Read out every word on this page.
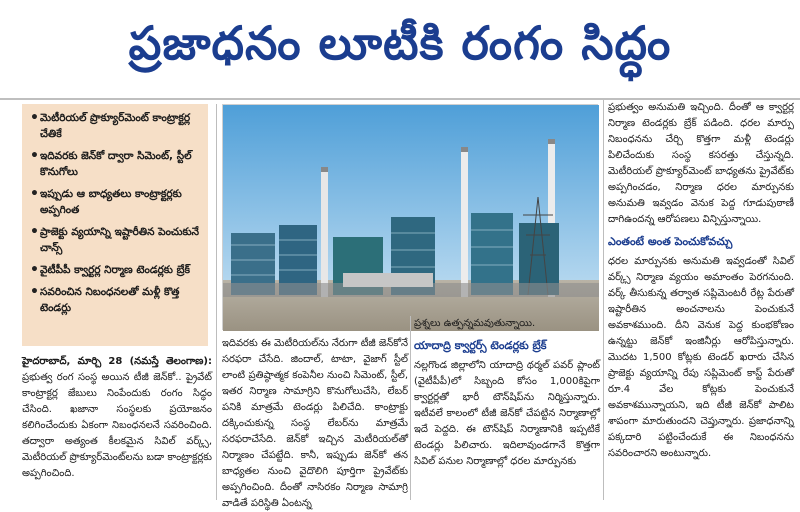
ప్రజాధనం లూటీకి రంగం సిద్ధం
• మెటీరియల్ ప్రొక్యూర్‌మెంట్ కాంట్రాక్టర్ల చేతికే
• ఇదివరకు జెన్‌కో ద్వారా సిమెంట్, స్టీల్ కొనుగోలు
• ఇప్పుడు ఆ బాధ్యతలు కాంట్రాక్టర్లకు అప్పగింత
• ప్రాజెక్టు వ్యయాన్ని ఇష్టారీతిన పెంచుకునే చాన్స్
• వైటీపీపీ క్వార్టర్ల నిర్మాణ టెండర్లకు బ్రేక్
• సవరించిన నిబంధనలతో మళ్లీ కొత్త టెండర్లు

హైదరాబాద్, మార్చి 28 (నమస్తే తెలంగాణ): ప్రభుత్వ రంగ సంస్థ అయిన టీజీ జెన్‌కో.. ప్రైవేట్ కాంట్రాక్టర్ల జేబులు నింపేందుకు రంగం సిద్ధం చేసింది. ఖజానా సంస్థలకు ప్రయోజనం కలిగించేందుకు ఏకంగా నిబంధనలనే సవరించింది. తద్వారా అత్యంత కీలకమైన సివిల్ వర్క్స్, మెటీరియల్ ప్రొక్యూర్‌మెంట్‌లను బడా కాంట్రాక్టర్లకు అప్పగించింది.

ఇదివరకు ఈ మెటీరియల్‌ను నేరుగా టీజీ జెన్‌కోనే సరఫరా చేసేది. జిందాల్, టాటా, వైజాగ్ స్టీల్ లాంటి ప్రతిష్ఠాత్మక కంపెనీల నుంచి సిమెంట్, స్టీల్, ఇతర నిర్మాణ సామాగ్రిని కొనుగోలుచేసి, లేబర్ పనికి మాత్రమే టెండర్లు పిలిచేది. కాంట్రాక్టు దక్కించుకున్న సంస్థ లేబర్‌ను మాత్రమే సరఫరాచేసేది. జెన్‌కో ఇచ్చిన మెటీరియల్‌తో నిర్మాణం చేపట్టేది. కానీ, ఇప్పుడు జెన్‌కో తన బాధ్యతల నుంచి వైదొలిగి పూర్తిగా ప్రైవేట్‌కు అప్పగించింది. దీంతో నాసిరకం నిర్మాణ సామాగ్రి వాడితే పరిస్థితి ఏంటన్న

ప్రశ్నలు ఉత్పన్నమవుతున్నాయి.

యాదాద్రి క్వార్టర్స్ టెండర్లకు బ్రేక్

నల్లగొండ జిల్లాలోని యాదాద్రి థర్మల్ పవర్ ప్లాంట్ (వైటీపీపీ)లో సిబ్బంది కోసం 1,000కిపైగా క్వార్టర్లతో భారీ టౌన్‌షిప్‌ను నిర్మిస్తున్నారు. ఇటీవలే కాలంలో టీజీ జెన్‌కో చేపట్టిన నిర్మాణాల్లో ఇదే పెద్దది. ఈ టౌన్‌షిప్ నిర్మాణానికి ఇప్పటికే టెండర్లు పిలిచారు. ఇదిలావుండగానే కొత్తగా సివిల్ పనుల నిర్మాణాల్లో ధరల మార్పునకు

ప్రభుత్వం అనుమతి ఇచ్చింది. దీంతో ఆ క్వార్టర్ల నిర్మాణ టెండర్లకు బ్రేక్ పడింది. ధరల మార్పు నిబంధనను చేర్చి కొత్తగా మళ్లీ టెండర్లు పిలిచేందుకు సంస్థ కసరత్తు చేస్తున్నది. మెటీరియల్ ప్రొక్యూర్‌మెంట్ బాధ్యతను ప్రైవేట్‌కు అప్పగించడం, నిర్మాణ ధరల మార్పునకు అనుమతి ఇవ్వడం వెనుక పెద్ద గూడుపుఠాణీ దాగిఉందన్న ఆరోపణలు విన్పిస్తున్నాయి.

ఎంతంటే అంత పెంచుకోవచ్చు

ధరల మార్పునకు అనుమతి ఇవ్వడంతో సివిల్ వర్క్స్ నిర్మాణ వ్యయం అమాంతం పెరగనుంది. వర్క్ తీసుకున్న తర్వాత సప్లిమెంటరీ రేట్ల పేరుతో ఇష్టారీతిన అంచనాలను పెంచుకునే అవకాశముంది. దీని వెనుక పెద్ద కుంభకోణం ఉన్నట్టు జెన్‌కో ఇంజినీర్లు ఆరోపిస్తున్నారు. మొదట 1,500 కోట్లకు టెండర్ ఖరారు చేసిన ప్రాజెక్టు వ్యయాన్ని రేపు సప్లిమెంట్ కాస్ట్ పేరుతో రూ.4 వేల కోట్లకు పెంచుకునే అవకాశమున్నాయని, ఇది టీజీ జెన్‌కో పాలిట శాపంగా మారుతుందని చెప్తున్నారు. ప్రజాధనాన్ని పక్కదారి పట్టించేందుకే ఈ నిబంధనను సవరించారని అంటున్నారు.
